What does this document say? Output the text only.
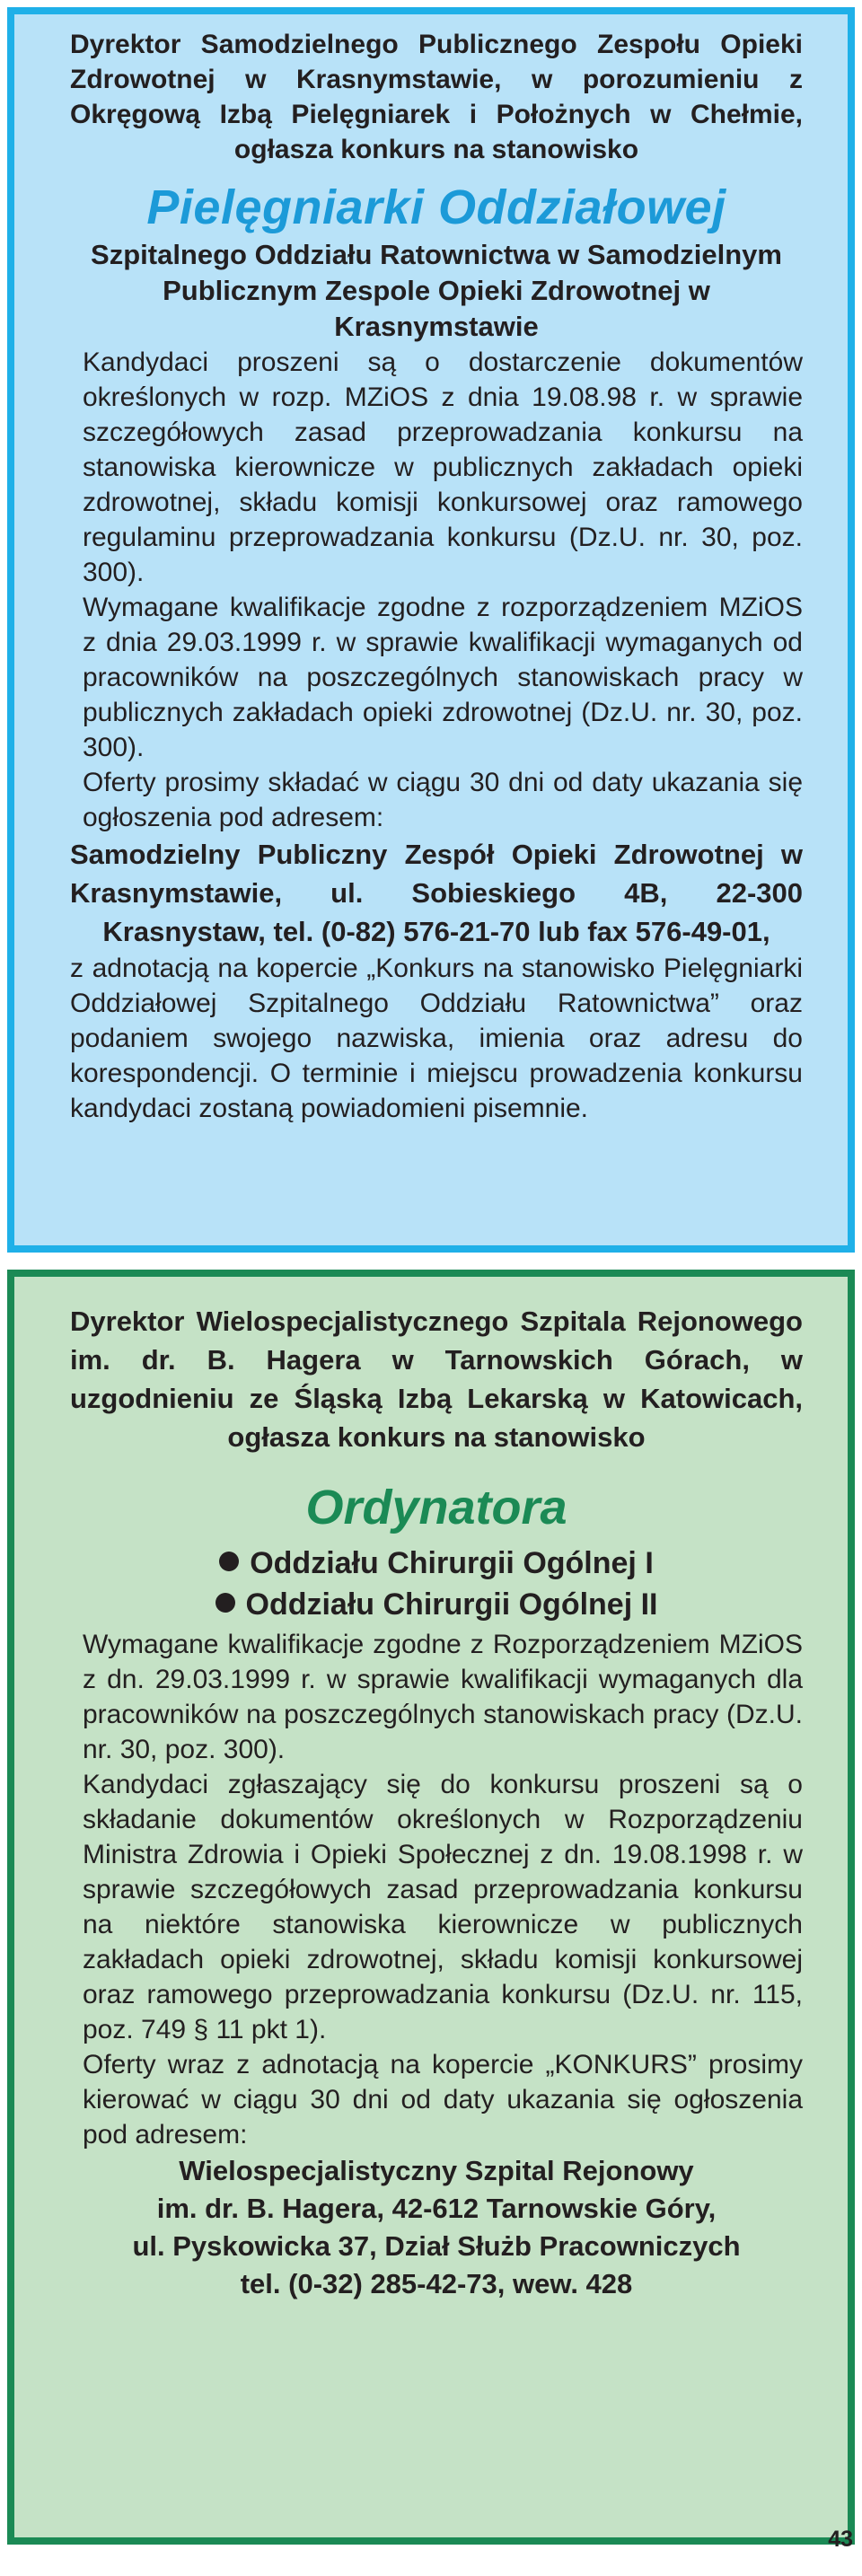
Dyrektor Samodzielnego Publicznego Zespołu Opieki Zdrowotnej w Krasnymstawie, w porozumieniu z Okręgową Izbą Pielęgniarek i Położnych w Chełmie, ogłasza konkurs na stanowisko

Pielęgniarki Oddziałowej

Szpitalnego Oddziału Ratownictwa w Samodzielnym Publicznym Zespole Opieki Zdrowotnej w Krasnymstawie

Kandydaci proszeni są o dostarczenie dokumentów określonych w rozp. MZiOS z dnia 19.08.98 r. w sprawie szczegółowych zasad przeprowadzania konkursu na stanowiska kierownicze w publicznych zakładach opieki zdrowotnej, składu komisji konkursowej oraz ramowego regulaminu przeprowadzania konkursu (Dz.U. nr. 30, poz. 300).

Wymagane kwalifikacje zgodne z rozporządzeniem MZiOS z dnia 29.03.1999 r. w sprawie kwalifikacji wymaganych od pracowników na poszczególnych stanowiskach pracy w publicznych zakładach opieki zdrowotnej (Dz.U. nr. 30, poz. 300).

Oferty prosimy składać w ciągu 30 dni od daty ukazania się ogłoszenia pod adresem:

Samodzielny Publiczny Zespół Opieki Zdrowotnej w Krasnymstawie, ul. Sobieskiego 4B, 22-300 Krasnystaw, tel. (0-82) 576-21-70 lub fax 576-49-01,

z adnotacją na kopercie „Konkurs na stanowisko Pielęgniarki Oddziałowej Szpitalnego Oddziału Ratownictwa” oraz podaniem swojego nazwiska, imienia oraz adresu do korespondencji. O terminie i miejscu prowadzenia konkursu kandydaci zostaną powiadomieni pisemnie.

Dyrektor Wielospecjalistycznego Szpitala Rejonowego im. dr. B. Hagera w Tarnowskich Górach, w uzgodnieniu ze Śląską Izbą Lekarską w Katowicach, ogłasza konkurs na stanowisko

Ordynatora
Oddziału Chirurgii Ogólnej I
Oddziału Chirurgii Ogólnej II

Wymagane kwalifikacje zgodne z Rozporządzeniem MZiOS z dn. 29.03.1999 r. w sprawie kwalifikacji wymaganych dla pracowników na poszczególnych stanowiskach pracy (Dz.U. nr. 30, poz. 300).

Kandydaci zgłaszający się do konkursu proszeni są o składanie dokumentów określonych w Rozporządzeniu Ministra Zdrowia i Opieki Społecznej z dn. 19.08.1998 r. w sprawie szczegółowych zasad przeprowadzania konkursu na niektóre stanowiska kierownicze w publicznych zakładach opieki zdrowotnej, składu komisji konkursowej oraz ramowego przeprowadzania konkursu (Dz.U. nr. 115, poz. 749 § 11 pkt 1).

Oferty wraz z adnotacją na kopercie „KONKURS” prosimy kierować w ciągu 30 dni od daty ukazania się ogłoszenia pod adresem:

Wielospecjalistyczny Szpital Rejonowy

im. dr. B. Hagera, 42-612 Tarnowskie Góry,

ul. Pyskowicka 37, Dział Służb Pracowniczych

tel. (0-32) 285-42-73, wew. 428

43
